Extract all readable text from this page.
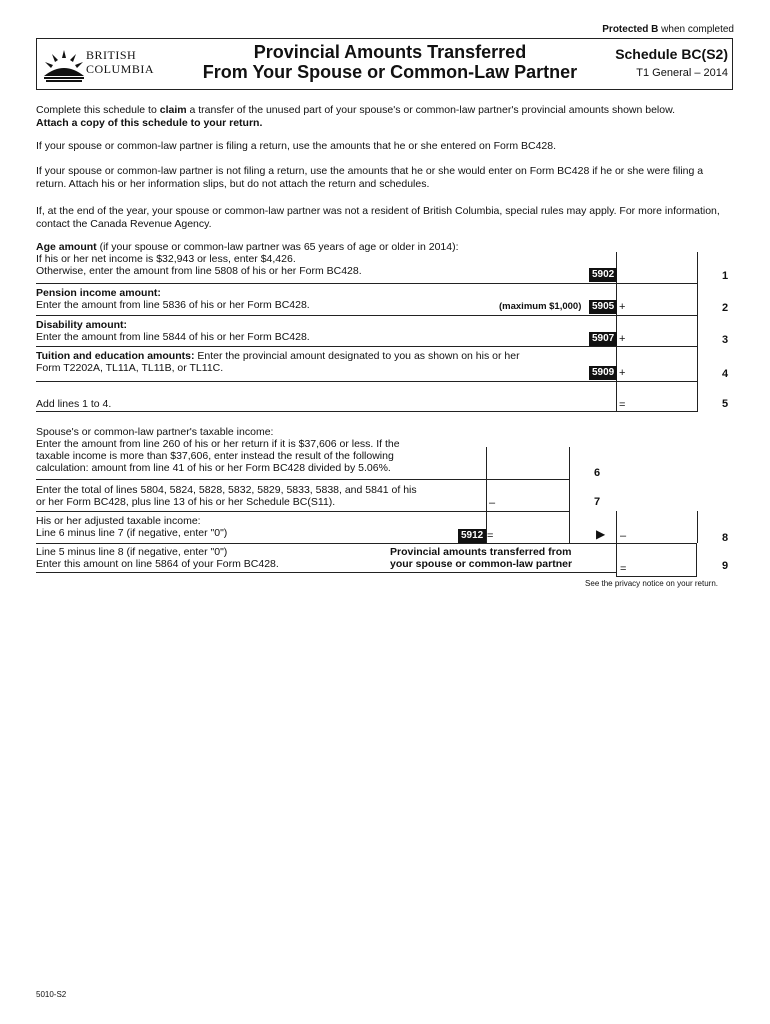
Protected B when completed
BRITISH
COLUMBIA
Provincial Amounts Transferred
From Your Spouse or Common-Law Partner
Schedule BC(S2)
T1 General – 2014
Complete this schedule to claim a transfer of the unused part of your spouse's or common-law partner's provincial amounts shown below.
Attach a copy of this schedule to your return.
If your spouse or common-law partner is filing a return, use the amounts that he or she entered on Form BC428.
If your spouse or common-law partner is not filing a return, use the amounts that he or she would enter on Form BC428 if he or she were filing a return. Attach his or her information slips, but do not attach the return and schedules.
If, at the end of the year, your spouse or common-law partner was not a resident of British Columbia, special rules may apply. For more information, contact the Canada Revenue Agency.
Age amount (if your spouse or common-law partner was 65 years of age or older in 2014):
If his or her net income is $32,943 or less, enter $4,426.
Otherwise, enter the amount from line 5808 of his or her Form BC428.	5902	1
Pension income amount:
Enter the amount from line 5836 of his or her Form BC428.	(maximum $1,000)	5905 +	2
Disability amount:
Enter the amount from line 5844 of his or her Form BC428.	5907 +	3
Tuition and education amounts: Enter the provincial amount designated to you as shown on his or her
Form T2202A, TL11A, TL11B, or TL11C.	5909 +	4
Add lines 1 to 4.	=	5
Spouse's or common-law partner's taxable income:
Enter the amount from line 260 of his or her return if it is $37,606 or less. If the
taxable income is more than $37,606, enter instead the result of the following
calculation: amount from line 41 of his or her Form BC428 divided by 5.06%.	6
Enter the total of lines 5804, 5824, 5828, 5832, 5829, 5833, 5838, and 5841 of his
or her Form BC428, plus line 13 of his or her Schedule BC(S11).	–	7
His or her adjusted taxable income:
Line 6 minus line 7 (if negative, enter "0")	5912 =	▶ –	8
Line 5 minus line 8 (if negative, enter "0")
Enter this amount on line 5864 of your Form BC428.
Provincial amounts transferred from
your spouse or common-law partner	=	9
See the privacy notice on your return.
5010-S2
